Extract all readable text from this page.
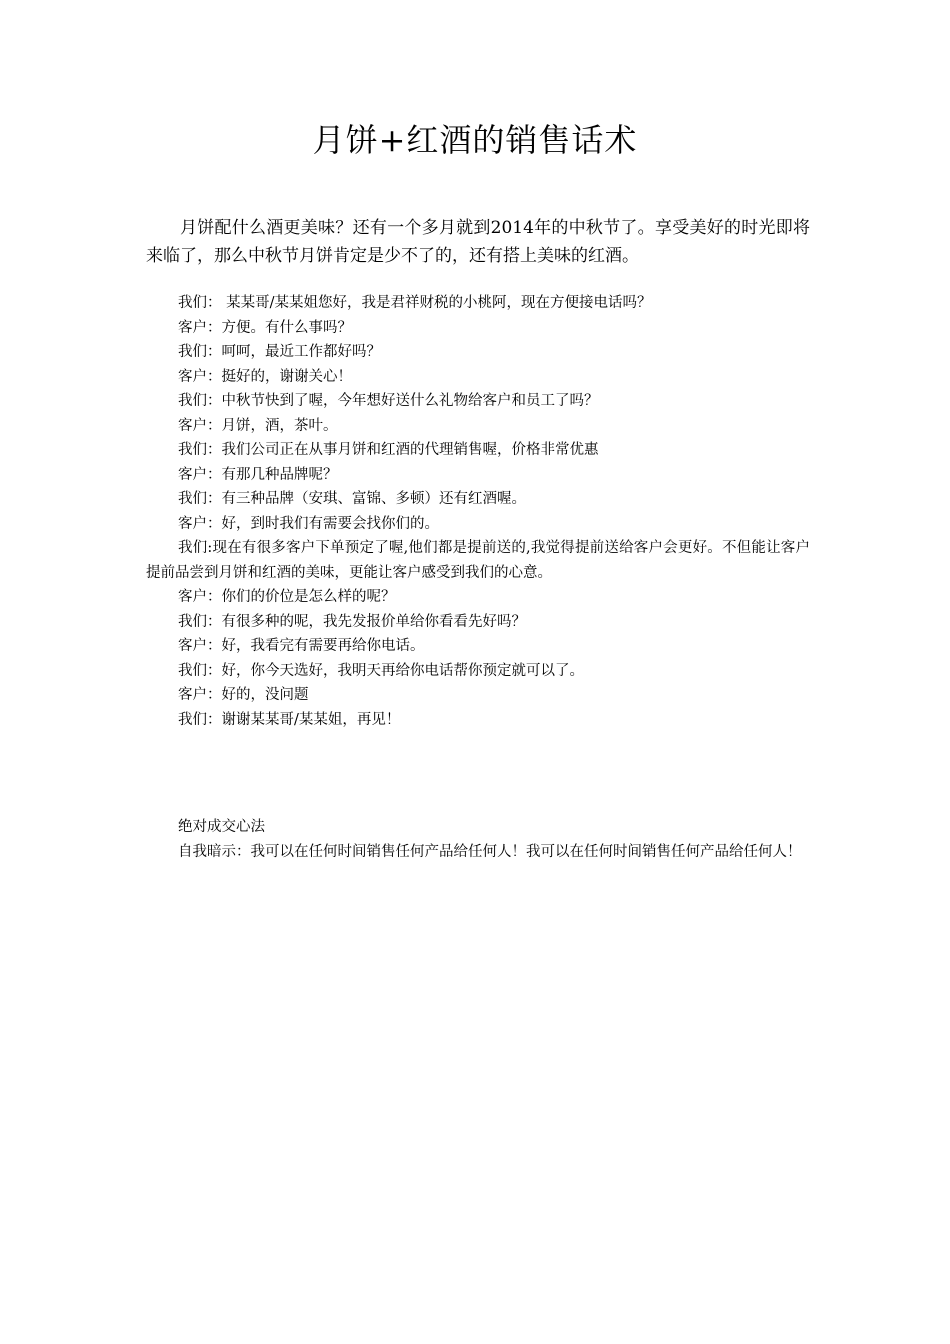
月饼+红酒的销售话术

月饼配什么酒更美味？还有一个多月就到2014年的中秋节了。享受美好的时光即将来临了，那么中秋节月饼肯定是少不了的，还有搭上美味的红酒。

我们： 某某哥/某某姐您好，我是君祥财税的小桃阿，现在方便接电话吗？

客户：方便。有什么事吗？

我们：呵呵，最近工作都好吗？

客户：挺好的，谢谢关心！

我们：中秋节快到了喔，今年想好送什么礼物给客户和员工了吗？

客户：月饼，酒，茶叶。

我们：我们公司正在从事月饼和红酒的代理销售喔，价格非常优惠

客户：有那几种品牌呢？

我们：有三种品牌（安琪、富锦、多顿）还有红酒喔。

客户：好，到时我们有需要会找你们的。

我们:现在有很多客户下单预定了喔,他们都是提前送的,我觉得提前送给客户会更好。不但能让客户提前品尝到月饼和红酒的美味，更能让客户感受到我们的心意。

客户：你们的价位是怎么样的呢？

我们：有很多种的呢，我先发报价单给你看看先好吗？

客户：好，我看完有需要再给你电话。

我们：好，你今天选好，我明天再给你电话帮你预定就可以了。

客户：好的，没问题

我们：谢谢某某哥/某某姐，再见！

绝对成交心法

自我暗示：我可以在任何时间销售任何产品给任何人！我可以在任何时间销售任何产品给任何人！
